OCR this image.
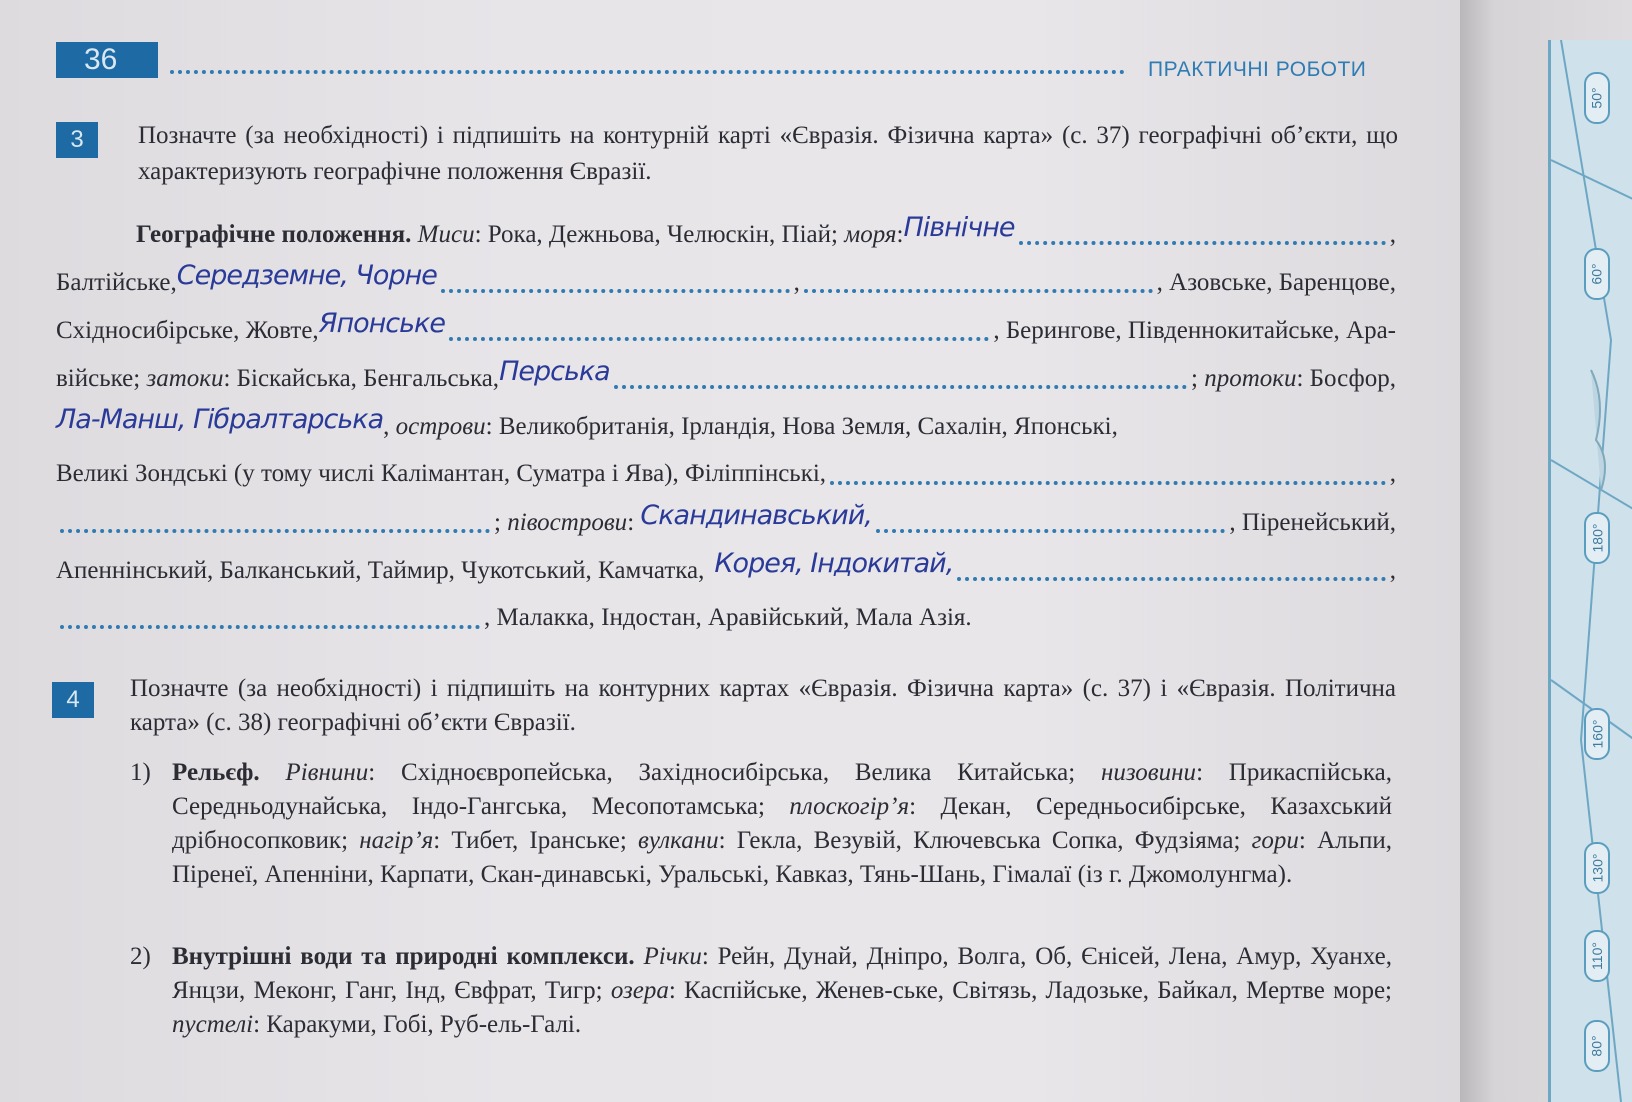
50°
60°
180°
160°
130°
110°
80°
36	ПРАКТИЧНІ РОБОТИ
3	Позначте (за необхідності) і підпишіть на контурній карті «Євразія. Фізична карта» (с. 37) географічні об’єкти, що характеризують географічне положення Євразії.
Географічне положення. Миси: Рока, Дежньова, Челюскін, Піай; моря: Північне	,
Балтійське, Середземне, Чорне	,	, Азовське, Баренцове,
Східносибірське, Жовте, Японське	, Берингове, Південнокитайське, Ара-
війське; затоки: Біскайська, Бенгальська, Перська	; протоки: Босфор,
Ла-Манш, Гібралтарська , острови: Великобританія, Ірландія, Нова Земля, Сахалін, Японські,
Великі Зондські (у тому числі Калімантан, Суматра і Ява), Філіппінські,	,
; півострови: Скандинавський,	, Піренейський,
Апеннінський, Балканський, Таймир, Чукотський, Камчатка, Корея, Індокитай,	,
, Малакка, Індостан, Аравійський, Мала Азія.
4	Позначте (за необхідності) і підпишіть на контурних картах «Євразія. Фізична карта» (с. 37) і «Євразія. Політична карта» (с. 38) географічні об’єкти Євразії.
1) Рельєф. Рівнини: Східноєвропейська, Західносибірська, Велика Китайська; низовини: Прикаспійська, Середньодунайська, Індо-Гангська, Месопотамська; плоскогір’я: Декан, Середньосибірське, Казахський дрібносопковик; нагір’я: Тибет, Іранське; вулкани: Гекла, Везувій, Ключевська Сопка, Фудзіяма; гори: Альпи, Піренеї, Апенніни, Карпати, Скан-динавські, Уральські, Кавказ, Тянь-Шань, Гімалаї (із г. Джомолунгма).
2) Внутрішні води та природні комплекси. Річки: Рейн, Дунай, Дніпро, Волга, Об, Єнісей, Лена, Амур, Хуанхе, Янцзи, Меконг, Ганг, Інд, Євфрат, Тигр; озера: Каспійське, Женев-ське, Світязь, Ладозьке, Байкал, Мертве море; пустелі: Каракуми, Гобі, Руб-ель-Галі.
